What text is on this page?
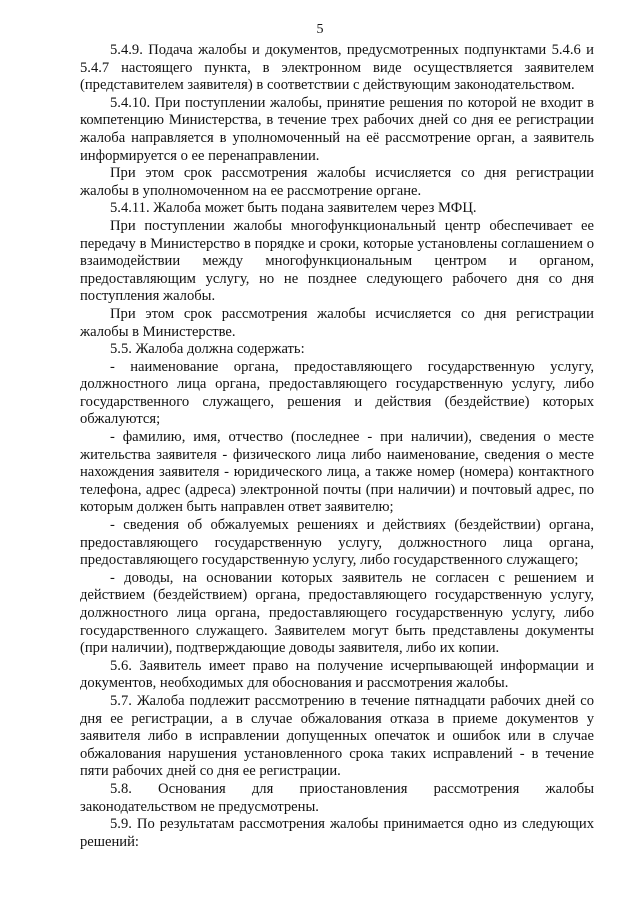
5

5.4.9. Подача жалобы и документов, предусмотренных подпунктами 5.4.6 и 5.4.7 настоящего пункта, в электронном виде осуществляется заявителем (представителем заявителя) в соответствии с действующим законодательством.

5.4.10. При поступлении жалобы, принятие решения по которой не входит в компетенцию Министерства, в течение трех рабочих дней со дня ее регистрации жалоба направляется в уполномоченный на её рассмотрение орган, а заявитель информируется о ее перенаправлении.

При этом срок рассмотрения жалобы исчисляется со дня регистрации жалобы в уполномоченном на ее рассмотрение органе.

5.4.11. Жалоба может быть подана заявителем через МФЦ.

При поступлении жалобы многофункциональный центр обеспечивает ее передачу в Министерство в порядке и сроки, которые установлены соглашением о взаимодействии между многофункциональным центром и органом, предоставляющим услугу, но не позднее следующего рабочего дня со дня поступления жалобы.

При этом срок рассмотрения жалобы исчисляется со дня регистрации жалобы в Министерстве.

5.5. Жалоба должна содержать:

- наименование органа, предоставляющего государственную услугу, должностного лица органа, предоставляющего государственную услугу, либо государственного служащего, решения и действия (бездействие) которых обжалуются;

- фамилию, имя, отчество (последнее - при наличии), сведения о месте жительства заявителя - физического лица либо наименование, сведения о месте нахождения заявителя - юридического лица, а также номер (номера) контактного телефона, адрес (адреса) электронной почты (при наличии) и почтовый адрес, по которым должен быть направлен ответ заявителю;

- сведения об обжалуемых решениях и действиях (бездействии) органа, предоставляющего государственную услугу, должностного лица органа, предоставляющего государственную услугу, либо государственного служащего;

- доводы, на основании которых заявитель не согласен с решением и действием (бездействием) органа, предоставляющего государственную услугу, должностного лица органа, предоставляющего государственную услугу, либо государственного служащего. Заявителем могут быть представлены документы (при наличии), подтверждающие доводы заявителя, либо их копии.

5.6. Заявитель имеет право на получение исчерпывающей информации и документов, необходимых для обоснования и рассмотрения жалобы.

5.7. Жалоба подлежит рассмотрению в течение пятнадцати рабочих дней со дня ее регистрации, а в случае обжалования отказа в приеме документов у заявителя либо в исправлении допущенных опечаток и ошибок или в случае обжалования нарушения установленного срока таких исправлений - в течение пяти рабочих дней со дня ее регистрации.

5.8. Основания для приостановления рассмотрения жалобы законодательством не предусмотрены.

5.9. По результатам рассмотрения жалобы принимается одно из следующих решений:
